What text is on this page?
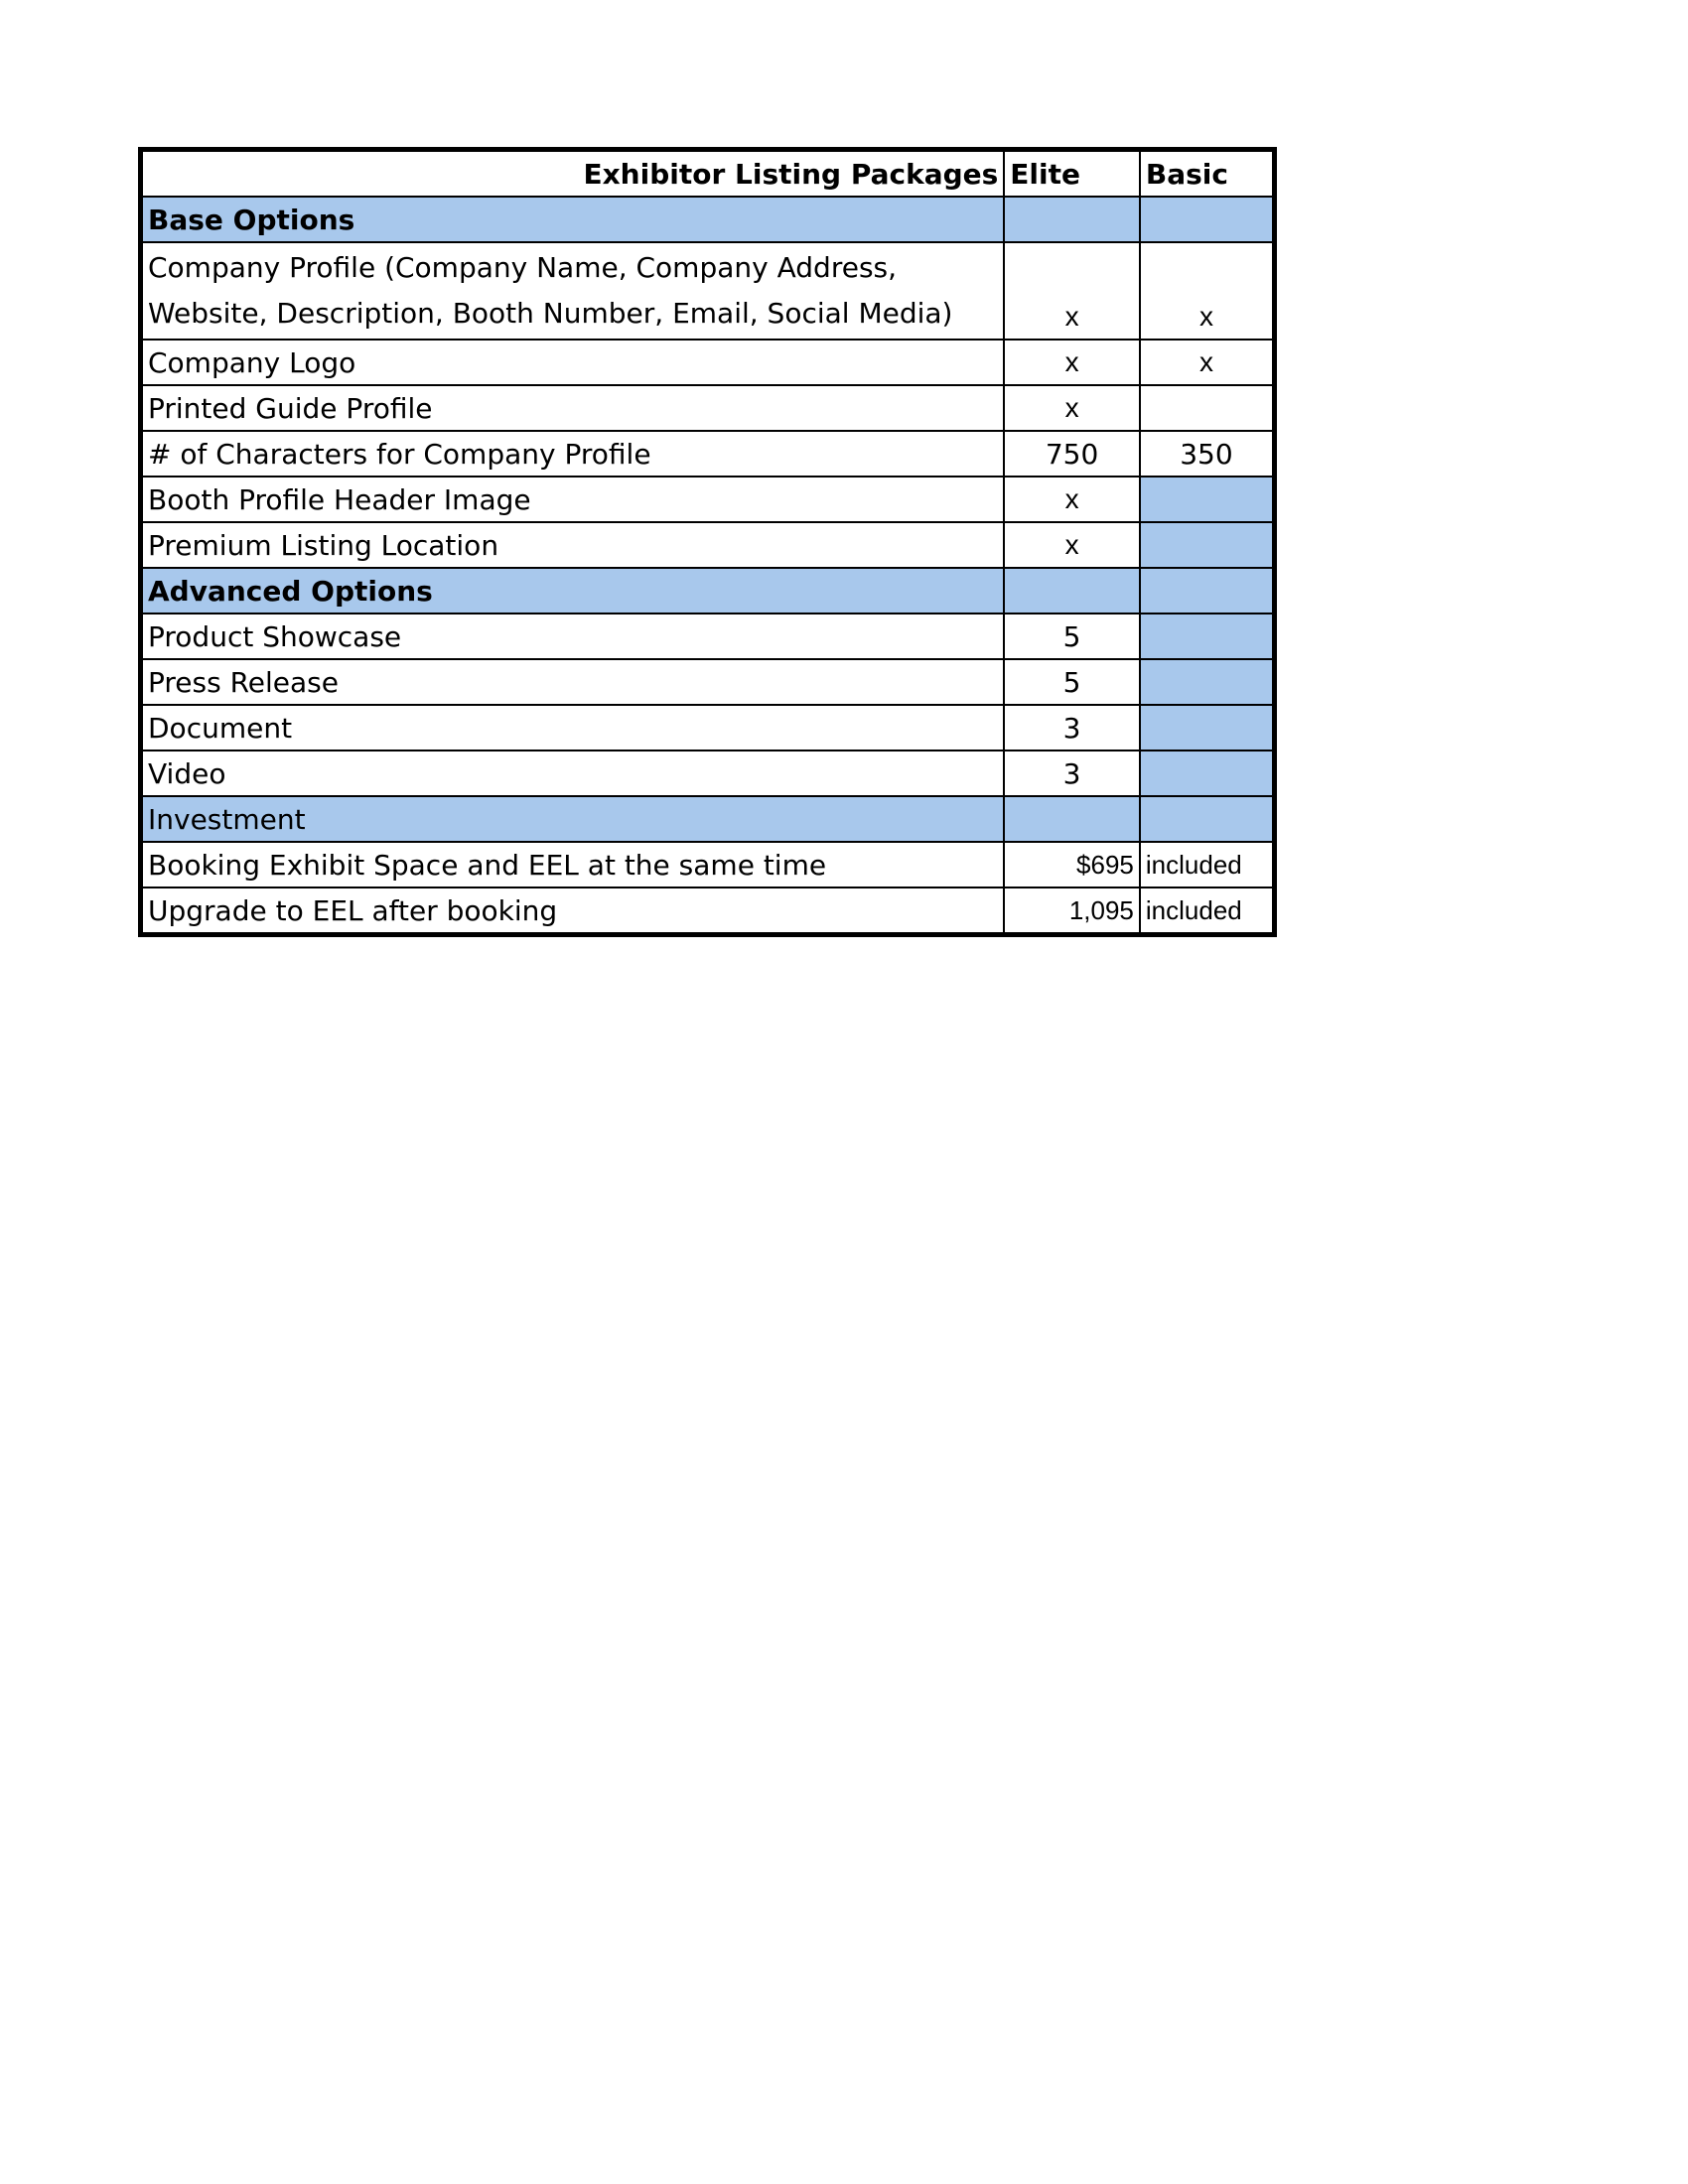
Exhibitor Listing Packages	Elite	Basic
Base Options		
Company Profile (Company Name, Company Address, Website, Description, Booth Number, Email, Social Media)	x	x
Company Logo	x	x
Printed Guide Profile	x	
# of Characters for Company Profile	750	350
Booth Profile Header Image	x	
Premium Listing Location	x	
Advanced Options		
Product Showcase	5	
Press Release	5	
Document	3	
Video	3	
Investment		
Booking Exhibit Space and EEL at the same time	$695	included
Upgrade to EEL after booking	1,095	included
